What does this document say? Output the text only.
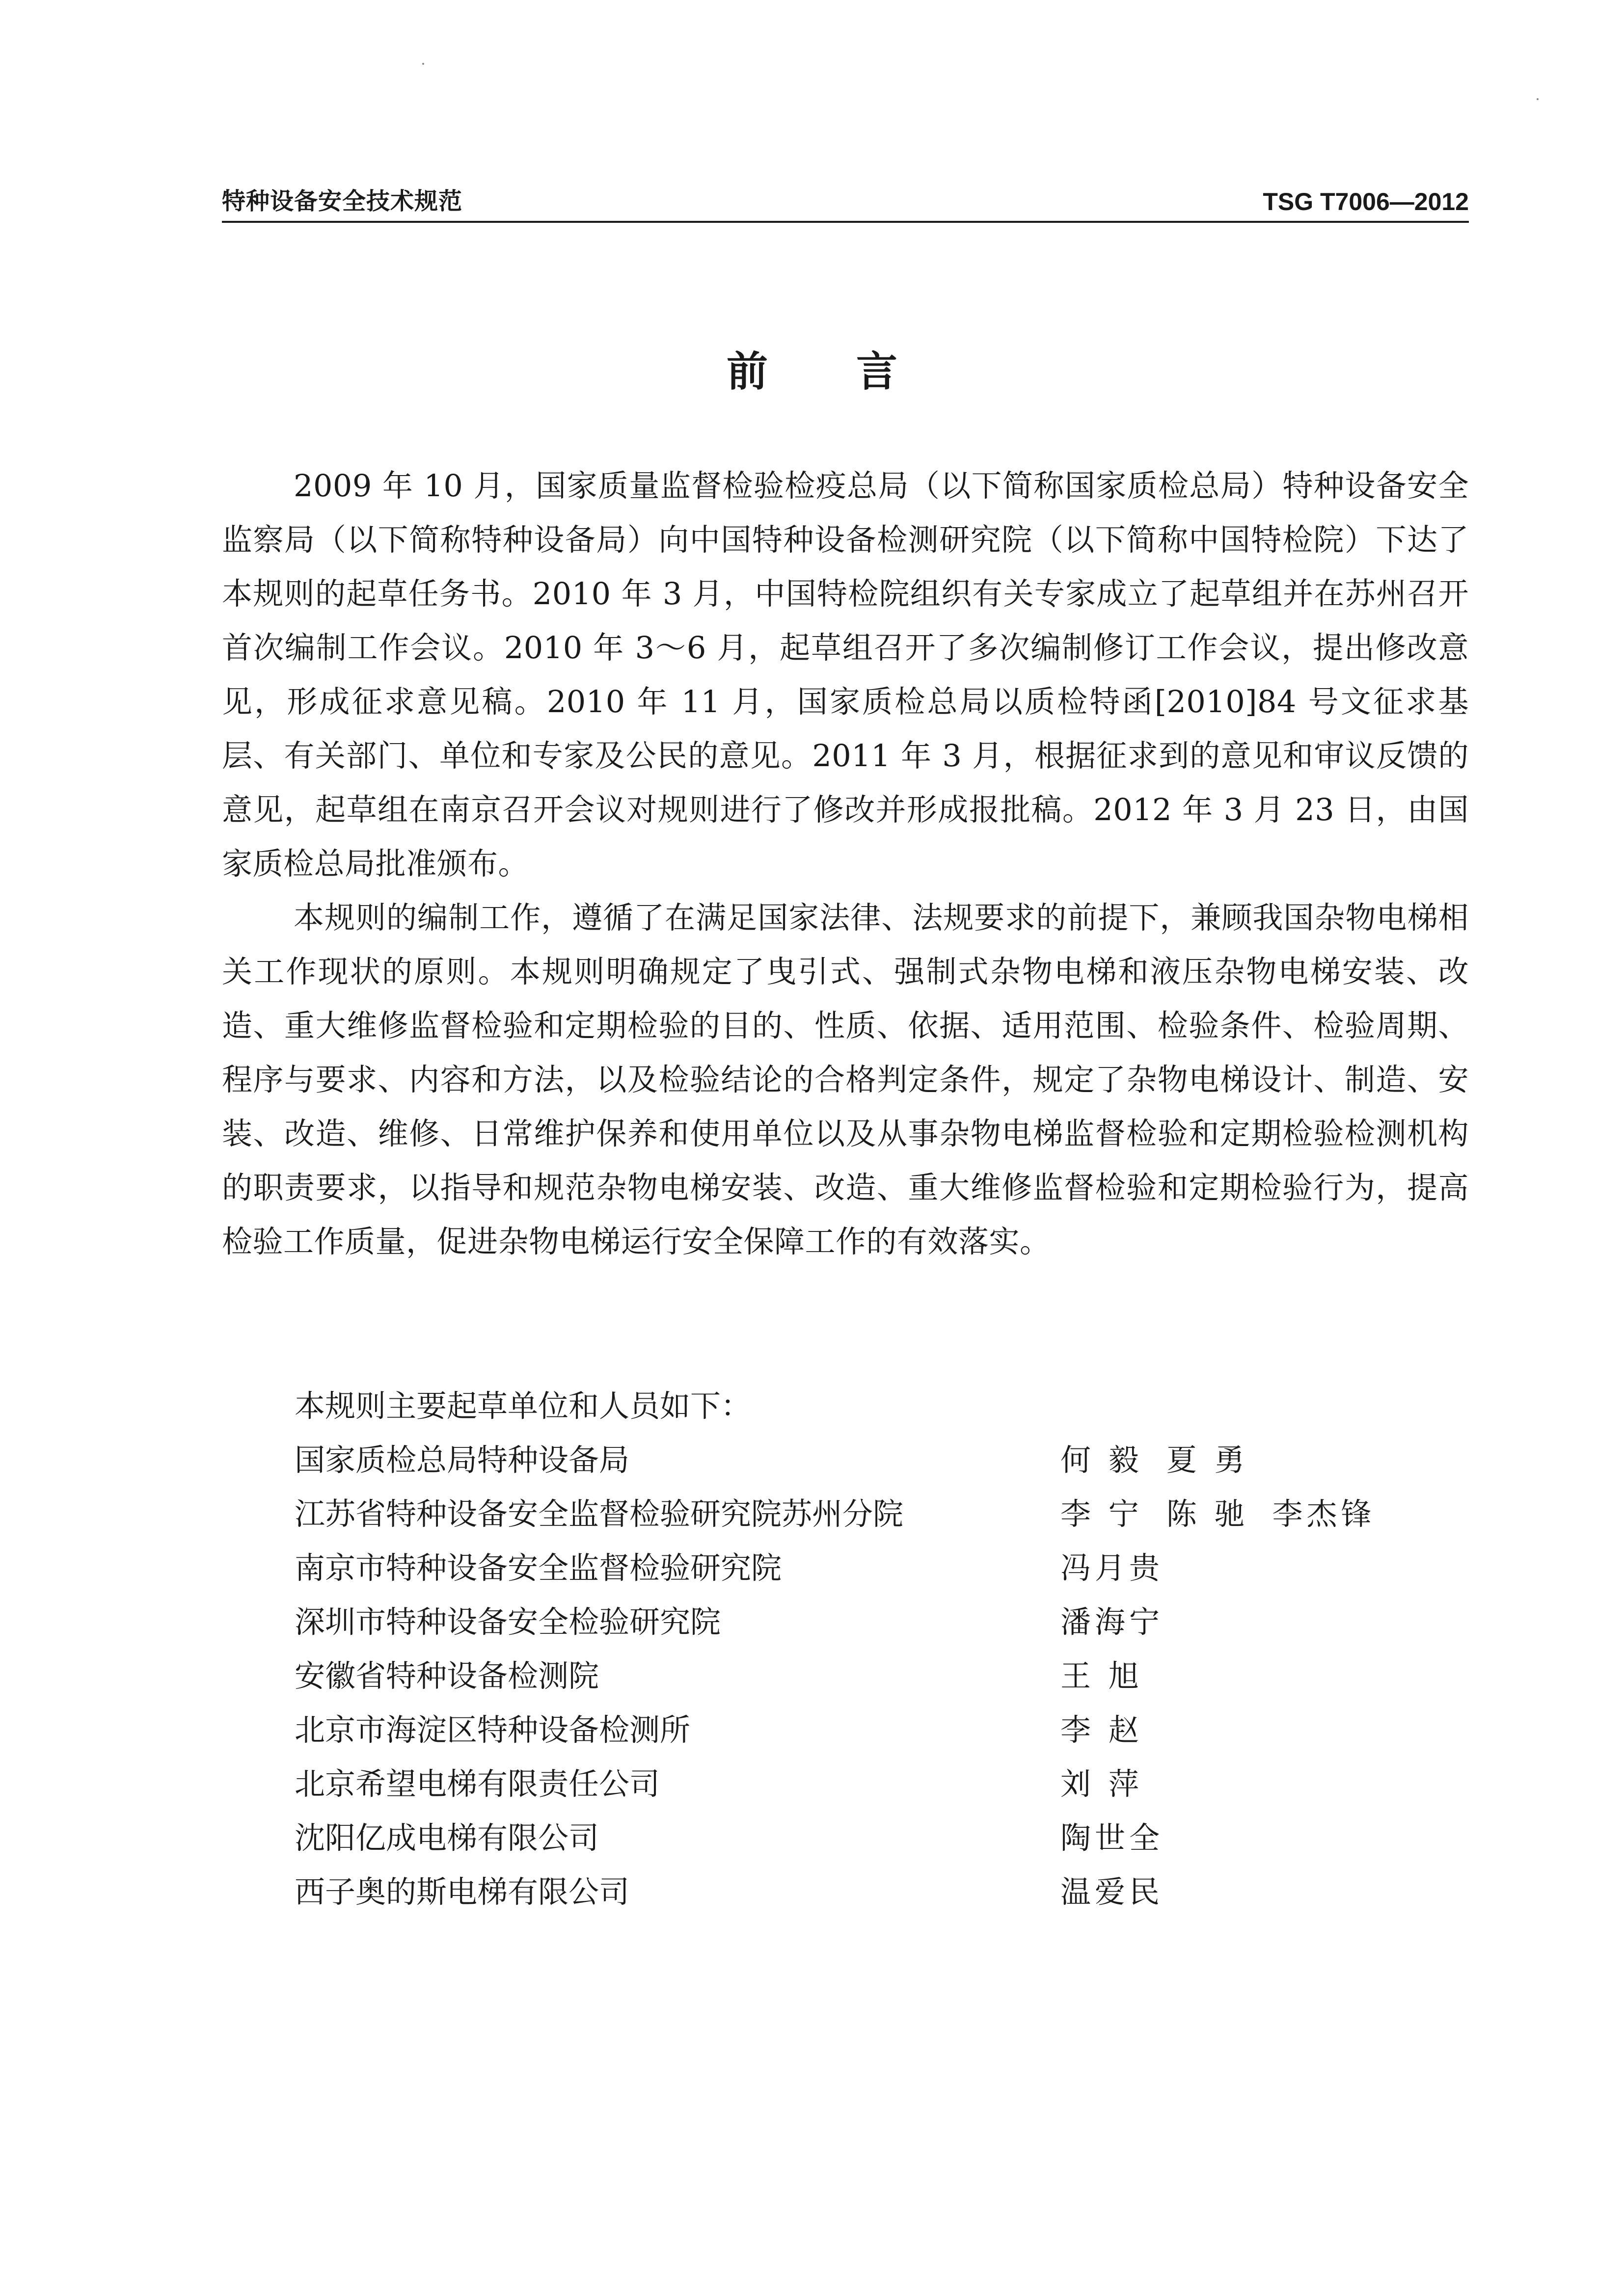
特种设备安全技术规范	TSG T7006—2012
前言

2009 年 10 月，国家质量监督检验检疫总局（以下简称国家质检总局）特种设备安全监察局（以下简称特种设备局）向中国特种设备检测研究院（以下简称中国特检院）下达了本规则的起草任务书。2010 年 3 月，中国特检院组织有关专家成立了起草组并在苏州召开首次编制工作会议。2010 年 3～6 月，起草组召开了多次编制修订工作会议，提出修改意见，形成征求意见稿。2010 年 11 月，国家质检总局以质检特函[2010]84 号文征求基层、有关部门、单位和专家及公民的意见。2011 年 3 月，根据征求到的意见和审议反馈的意见，起草组在南京召开会议对规则进行了修改并形成报批稿。2012 年 3 月 23 日，由国家质检总局批准颁布。

本规则的编制工作，遵循了在满足国家法律、法规要求的前提下，兼顾我国杂物电梯相关工作现状的原则。本规则明确规定了曳引式、强制式杂物电梯和液压杂物电梯安装、改造、重大维修监督检验和定期检验的目的、性质、依据、适用范围、检验条件、检验周期、程序与要求、内容和方法，以及检验结论的合格判定条件，规定了杂物电梯设计、制造、安装、改造、维修、日常维护保养和使用单位以及从事杂物电梯监督检验和定期检验检测机构的职责要求，以指导和规范杂物电梯安装、改造、重大维修监督检验和定期检验行为，提高检验工作质量，促进杂物电梯运行安全保障工作的有效落实。

本规则主要起草单位和人员如下：
国家质检总局特种设备局	何 毅 夏 勇
江苏省特种设备安全监督检验研究院苏州分院	李 宁 陈 驰 李杰锋
南京市特种设备安全监督检验研究院	冯月贵
深圳市特种设备安全检验研究院	潘海宁
安徽省特种设备检测院	王 旭
北京市海淀区特种设备检测所	李 赵
北京希望电梯有限责任公司	刘 萍
沈阳亿成电梯有限公司	陶世全
西子奥的斯电梯有限公司	温爱民
